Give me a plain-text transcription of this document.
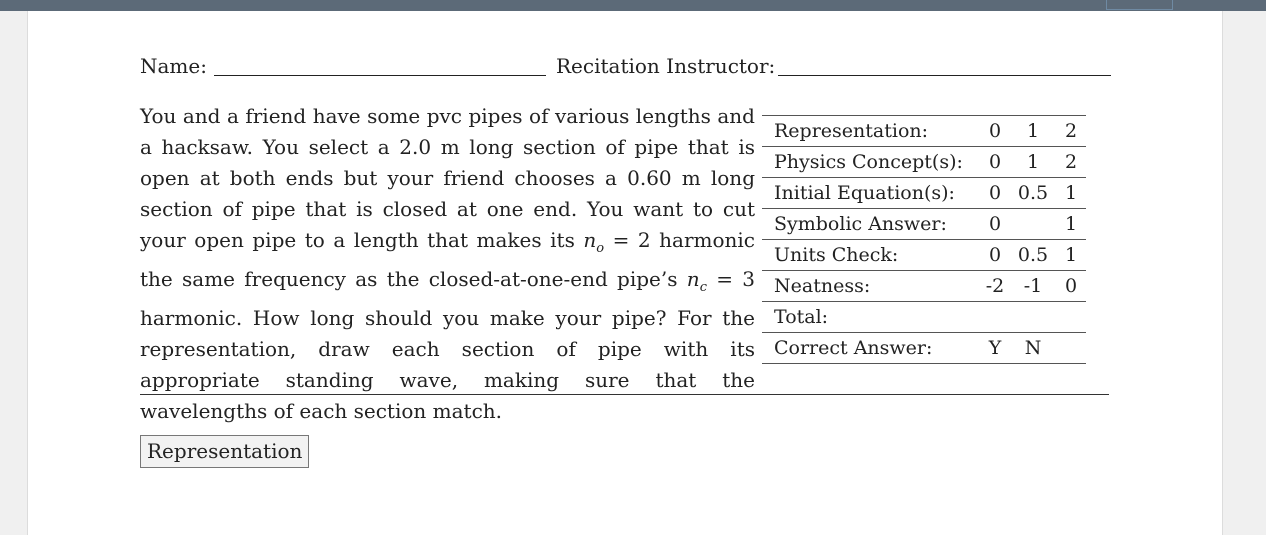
Name:	Recitation Instructor:
You and a friend have some pvc pipes of various lengths and a hacksaw. You select a 2.0 m long section of pipe that is open at both ends but your friend chooses a 0.60 m long section of pipe that is closed at one end. You want to cut your open pipe to a length that makes its $n_o = 2$ harmonic the same frequency as the closed-at-one-end pipe’s $n_c = 3$ harmonic. How long should you make your pipe? For the representation, draw each section of pipe with its appropriate standing wave, making sure that the wavelengths of each section match.
Representation:	0	1	2
Physics Concept(s):	0	1	2
Initial Equation(s):	0	0.5	1
Symbolic Answer:	0		1
Units Check:	0	0.5	1
Neatness:	-2	-1	0
Total:			
Correct Answer:	Y	N	
Representation
